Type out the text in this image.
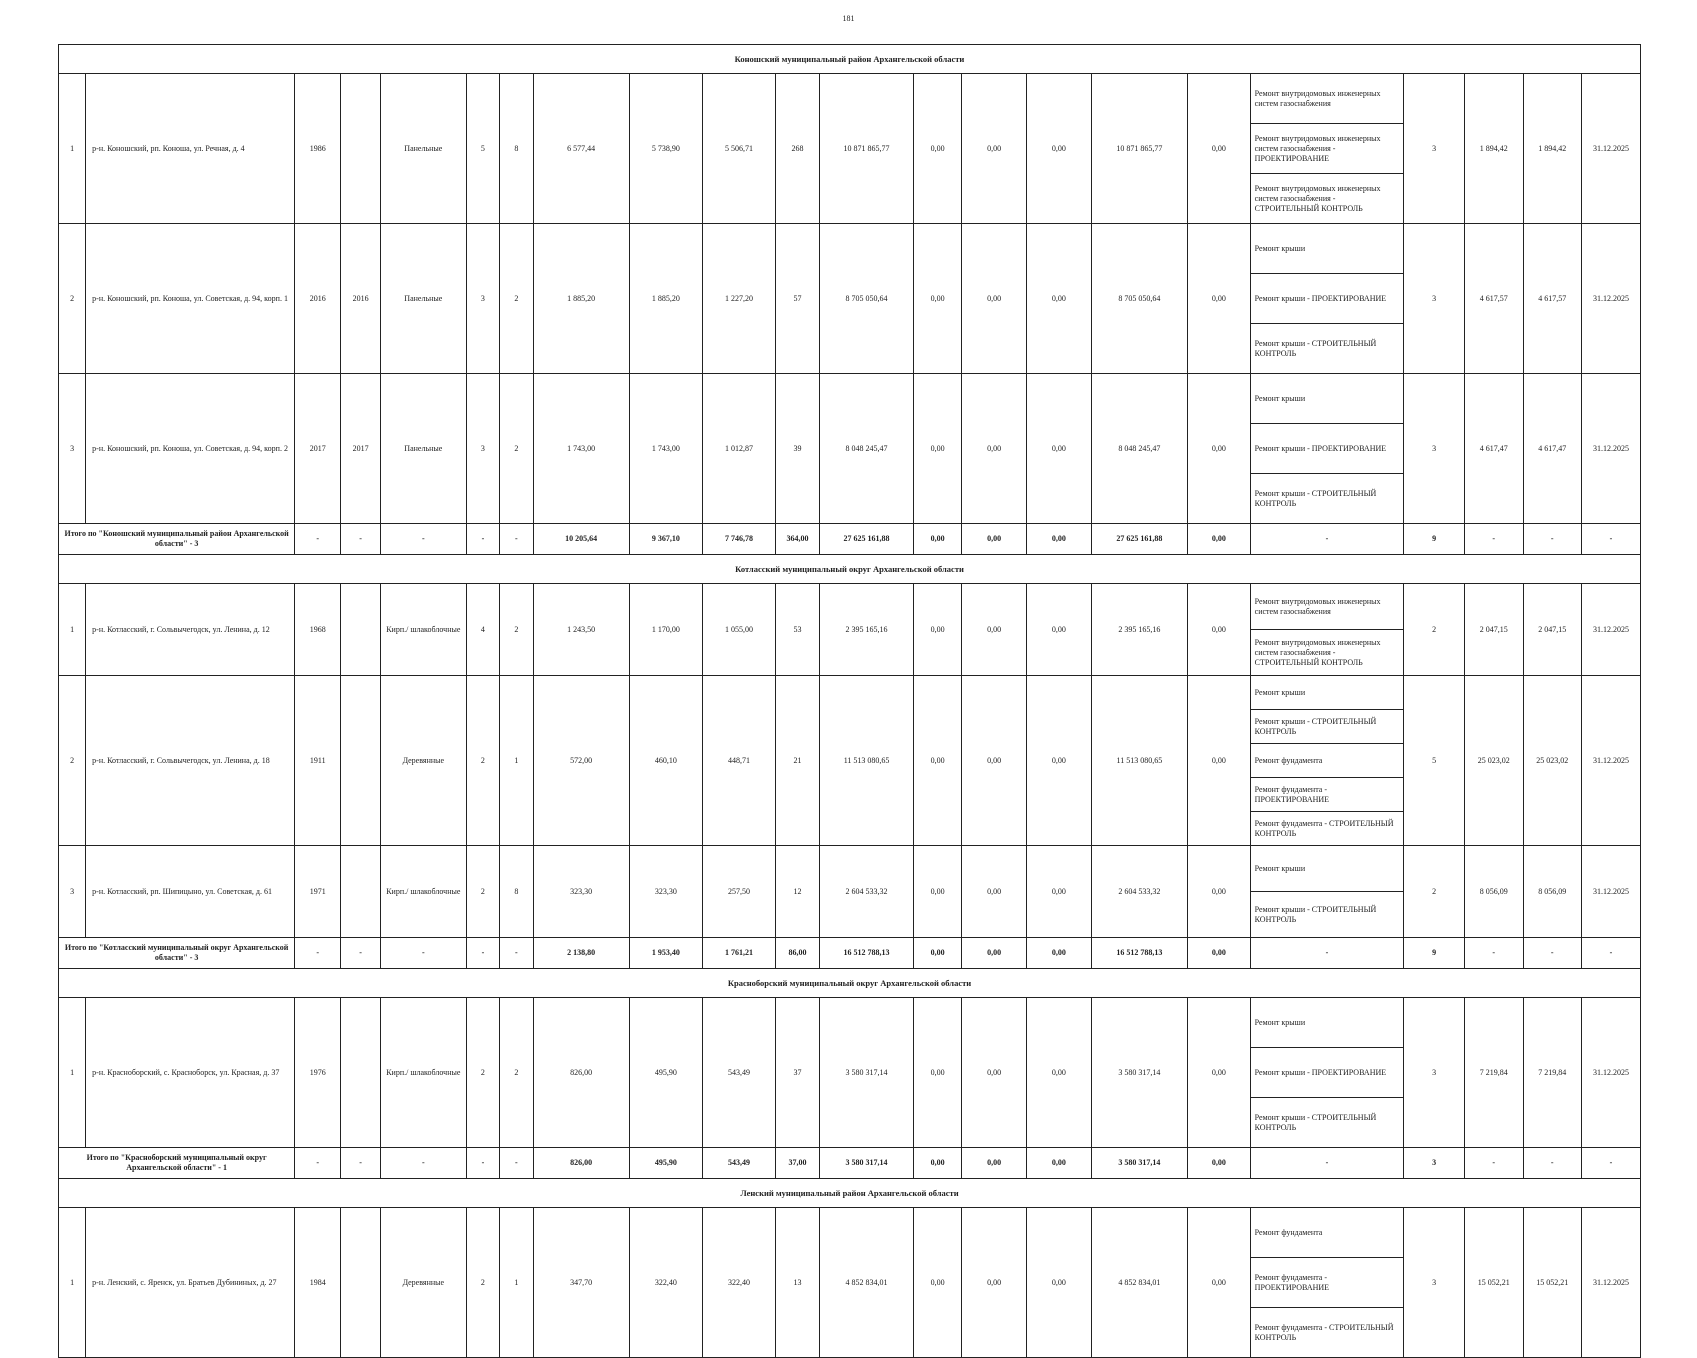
181
Коношский муниципальный район Архангельской области																					
1	р-н. Коношский, рп. Коноша, ул. Речная, д. 4	1986		Панельные	5	8	6 577,44	5 738,90	5 506,71	268	10 871 865,77	0,00	0,00	0,00	10 871 865,77	0,00	Ремонт внутридомовых инженерных систем газоснабжения	3	1 894,42	1 894,42	31.12.2025
																	Ремонт внутридомовых инженерных систем газоснабжения - ПРОЕКТИРОВАНИЕ				
																	Ремонт внутридомовых инженерных систем газоснабжения - СТРОИТЕЛЬНЫЙ КОНТРОЛЬ				
2	р-н. Коношский, рп. Коноша, ул. Советская, д. 94, корп. 1	2016	2016	Панельные	3	2	1 885,20	1 885,20	1 227,20	57	8 705 050,64	0,00	0,00	0,00	8 705 050,64	0,00	Ремонт крыши	3	4 617,57	4 617,57	31.12.2025
																	Ремонт крыши - ПРОЕКТИРОВАНИЕ				
																	Ремонт крыши - СТРОИТЕЛЬНЫЙ КОНТРОЛЬ				
3	р-н. Коношский, рп. Коноша, ул. Советская, д. 94, корп. 2	2017	2017	Панельные	3	2	1 743,00	1 743,00	1 012,87	39	8 048 245,47	0,00	0,00	0,00	8 048 245,47	0,00	Ремонт крыши	3	4 617,47	4 617,47	31.12.2025
																	Ремонт крыши - ПРОЕКТИРОВАНИЕ				
																	Ремонт крыши - СТРОИТЕЛЬНЫЙ КОНТРОЛЬ				
Итого по "Коношский муниципальный район Архангельской области" - 3		-	-	-	-	-	10 205,64	9 367,10	7 746,78	364,00	27 625 161,88	0,00	0,00	0,00	27 625 161,88	0,00	-	9	-	-	-
Котласский муниципальный округ Архангельской области																					
1	р-н. Котласский, г. Сольвычегодск, ул. Ленина, д. 12	1968		Кирп./ шлакоблочные	4	2	1 243,50	1 170,00	1 055,00	53	2 395 165,16	0,00	0,00	0,00	2 395 165,16	0,00	Ремонт внутридомовых инженерных систем газоснабжения	2	2 047,15	2 047,15	31.12.2025
																	Ремонт внутридомовых инженерных систем газоснабжения - СТРОИТЕЛЬНЫЙ КОНТРОЛЬ				
2	р-н. Котласский, г. Сольвычегодск, ул. Ленина, д. 18	1911		Деревянные	2	1	572,00	460,10	448,71	21	11 513 080,65	0,00	0,00	0,00	11 513 080,65	0,00	Ремонт крыши	5	25 023,02	25 023,02	31.12.2025
																	Ремонт крыши - СТРОИТЕЛЬНЫЙ КОНТРОЛЬ				
																	Ремонт фундамента				
																	Ремонт фундамента - ПРОЕКТИРОВАНИЕ				
																	Ремонт фундамента - СТРОИТЕЛЬНЫЙ КОНТРОЛЬ				
3	р-н. Котласский, рп. Шипицыно, ул. Советская, д. 61	1971		Кирп./ шлакоблочные	2	8	323,30	323,30	257,50	12	2 604 533,32	0,00	0,00	0,00	2 604 533,32	0,00	Ремонт крыши	2	8 056,09	8 056,09	31.12.2025
																	Ремонт крыши - СТРОИТЕЛЬНЫЙ КОНТРОЛЬ				
Итого по "Котласский муниципальный округ Архангельской области" - 3		-	-	-	-	-	2 138,80	1 953,40	1 761,21	86,00	16 512 788,13	0,00	0,00	0,00	16 512 788,13	0,00	-	9	-	-	-
Красноборский муниципальный округ Архангельской области																					
1	р-н. Красноборский, с. Красноборск, ул. Красная, д. 37	1976		Кирп./ шлакоблочные	2	2	826,00	495,90	543,49	37	3 580 317,14	0,00	0,00	0,00	3 580 317,14	0,00	Ремонт крыши	3	7 219,84	7 219,84	31.12.2025
																	Ремонт крыши - ПРОЕКТИРОВАНИЕ				
																	Ремонт крыши - СТРОИТЕЛЬНЫЙ КОНТРОЛЬ				
Итого по "Красноборский муниципальный округ Архангельской области" - 1		-	-	-	-	-	826,00	495,90	543,49	37,00	3 580 317,14	0,00	0,00	0,00	3 580 317,14	0,00	-	3	-	-	-
Ленский муниципальный район Архангельской области																					
1	р-н. Ленский, с. Яренск, ул. Братьев Дубининых, д. 27	1984		Деревянные	2	1	347,70	322,40	322,40	13	4 852 834,01	0,00	0,00	0,00	4 852 834,01	0,00	Ремонт фундамента	3	15 052,21	15 052,21	31.12.2025
																	Ремонт фундамента - ПРОЕКТИРОВАНИЕ				
																	Ремонт фундамента - СТРОИТЕЛЬНЫЙ КОНТРОЛЬ				
